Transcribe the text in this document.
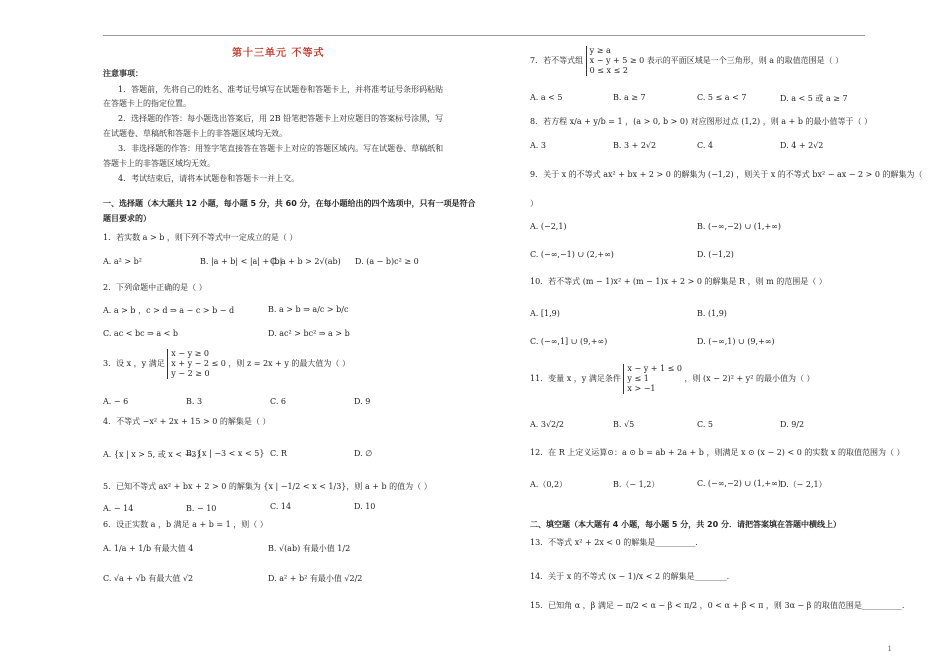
第十三单元 不等式
注意事项：
1．答题前，先将自己的姓名、准考证号填写在试题卷和答题卡上，并将准考证号条形码粘贴
在答题卡上的指定位置。
2．选择题的作答：每小题选出答案后，用 2B 铅笔把答题卡上对应题目的答案标号涂黑，写
在试题卷、草稿纸和答题卡上的非答题区域均无效。
3．非选择题的作答：用签字笔直接答在答题卡上对应的答题区域内。写在试题卷、草稿纸和
答题卡上的非答题区域均无效。
4．考试结束后，请将本试题卷和答题卡一并上交。
一、选择题（本大题共 12 小题，每小题 5 分，共 60 分，在每小题给出的四个选项中，只有一项是符合
题目要求的）
1．若实数 a > b ，则下列不等式中一定成立的是（ ）
A. a² > b²	B. |a + b| < |a| + |b|
C. a + b > 2√(ab) D. (a − b)c² ≥ 0
2．下列命题中正确的是（ ）
A. a > b ，c > d ⇒ a − c > b − d	B. a > b ⇒ a/c > b/c
C. ac < bc ⇒ a < b	D. ac² > bc² ⇒ a > b
3．设 x ，y 满足 x − y ≥ 0
x + y − 2 ≤ 0
y − 2 ≥ 0 ，则 z = 2x + y 的最大值为（ ）
A. − 6	B. 3	C. 6	D. 9
4．不等式 −x² + 2x + 15 > 0 的解集是（ ）
A. {x | x > 5, 或 x < −3}
B. {x | −3 < x < 5} C. R	D. ∅
5．已知不等式 ax² + bx + 2 > 0 的解集为 {x | −1/2 < x < 1/3}，则 a + b 的值为（ ）
A. − 14	B. − 10	C. 14	D. 10
6．设正实数 a ，b 满足 a + b = 1 ，则（ ）
A. 1/a + 1/b 有最大值 4	B. √(ab) 有最小值 1/2
C. √a + √b 有最大值 √2	D. a² + b² 有最小值 √2/2
7．若不等式组 y ≥ a
x − y + 5 ≥ 0
0 ≤ x ≤ 2 表示的平面区域是一个三角形，则 a 的取值范围是（ ）
A. a < 5	B. a ≥ 7	C. 5 ≤ a < 7	D. a < 5 或 a ≥ 7
8．若方程 x/a + y/b = 1 ，(a > 0, b > 0) 对应图形过点 (1,2) ，则 a + b 的最小值等于（ ）
A. 3	B. 3 + 2√2	C. 4	D. 4 + 2√2
9．关于 x 的不等式 ax² + bx + 2 > 0 的解集为 (−1,2) ，则关于 x 的不等式 bx² − ax − 2 > 0 的解集为（
）
A. (−2,1)	B. (−∞,−2) ∪ (1,+∞)
C. (−∞,−1) ∪ (2,+∞)	D. (−1,2)
10．若不等式 (m − 1)x² + (m − 1)x + 2 > 0 的解集是 R ，则 m 的范围是（ ）
A. [1,9)	B. (1,9)
C. (−∞,1] ∪ (9,+∞)	D. (−∞,1) ∪ (9,+∞)
11．变量 x ，y 满足条件 x − y + 1 ≤ 0
y ≤ 1
x > −1 ，则 (x − 2)² + y² 的最小值为（ ）
A. 3√2/2	B. √5	C. 5	D. 9/2
12．在 R 上定义运算⊙：a ⊙ b = ab + 2a + b ，则满足 x ⊙ (x − 2) < 0 的实数 x 的取值范围为（ ）
A.（0,2）	B.（− 1,2）	C. (−∞,−2) ∪ (1,+∞) D.（− 2,1）
二、填空题（本大题有 4 小题，每小题 5 分，共 20 分．请把答案填在答题中横线上）
13．不等式 x² + 2x < 0 的解集是__________.
14．关于 x 的不等式 (x − 1)/x < 2 的解集是________.
15．已知角 α ，β 满足 − π/2 < α − β < π/2 ，0 < α + β < π ，则 3α − β 的取值范围是__________.
1
